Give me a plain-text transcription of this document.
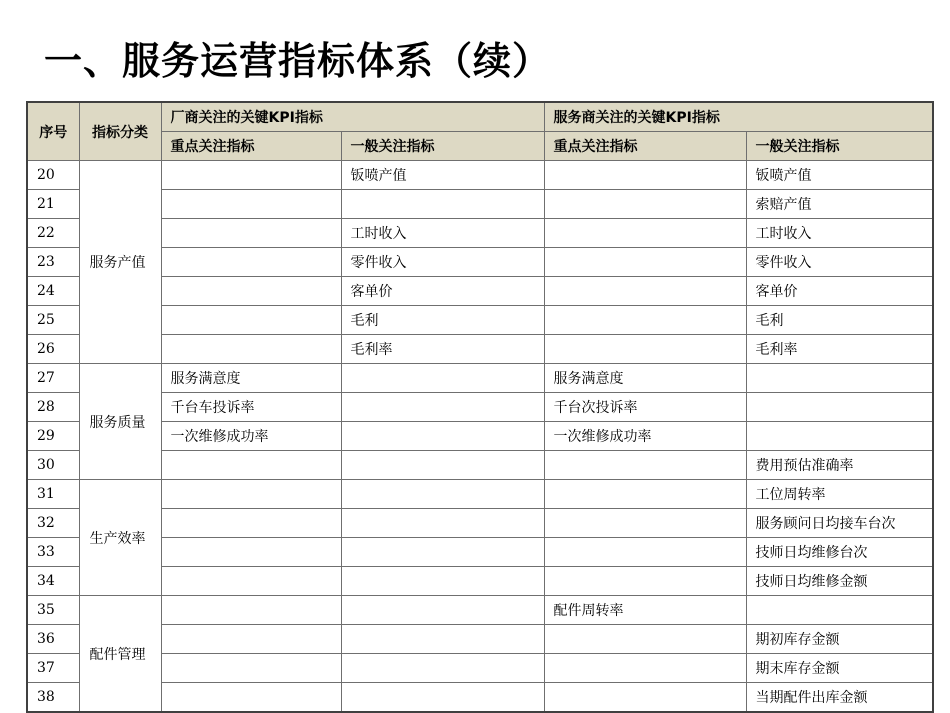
一、服务运营指标体系（续）
序号	指标分类	厂商关注的关键KPI指标		服务商关注的关键KPI指标	
		重点关注指标	一般关注指标	重点关注指标	一般关注指标
20	服务产值		钣喷产值		钣喷产值
21					索赔产值
22			工时收入		工时收入
23			零件收入		零件收入
24			客单价		客单价
25			毛利		毛利
26			毛利率		毛利率
27	服务质量	服务满意度		服务满意度	
28		千台车投诉率		千台次投诉率	
29		一次维修成功率		一次维修成功率	
30					费用预估准确率
31	生产效率				工位周转率
32					服务顾问日均接车台次
33					技师日均维修台次
34					技师日均维修金额
35	配件管理			配件周转率	
36					期初库存金额
37					期末库存金额
38					当期配件出库金额
